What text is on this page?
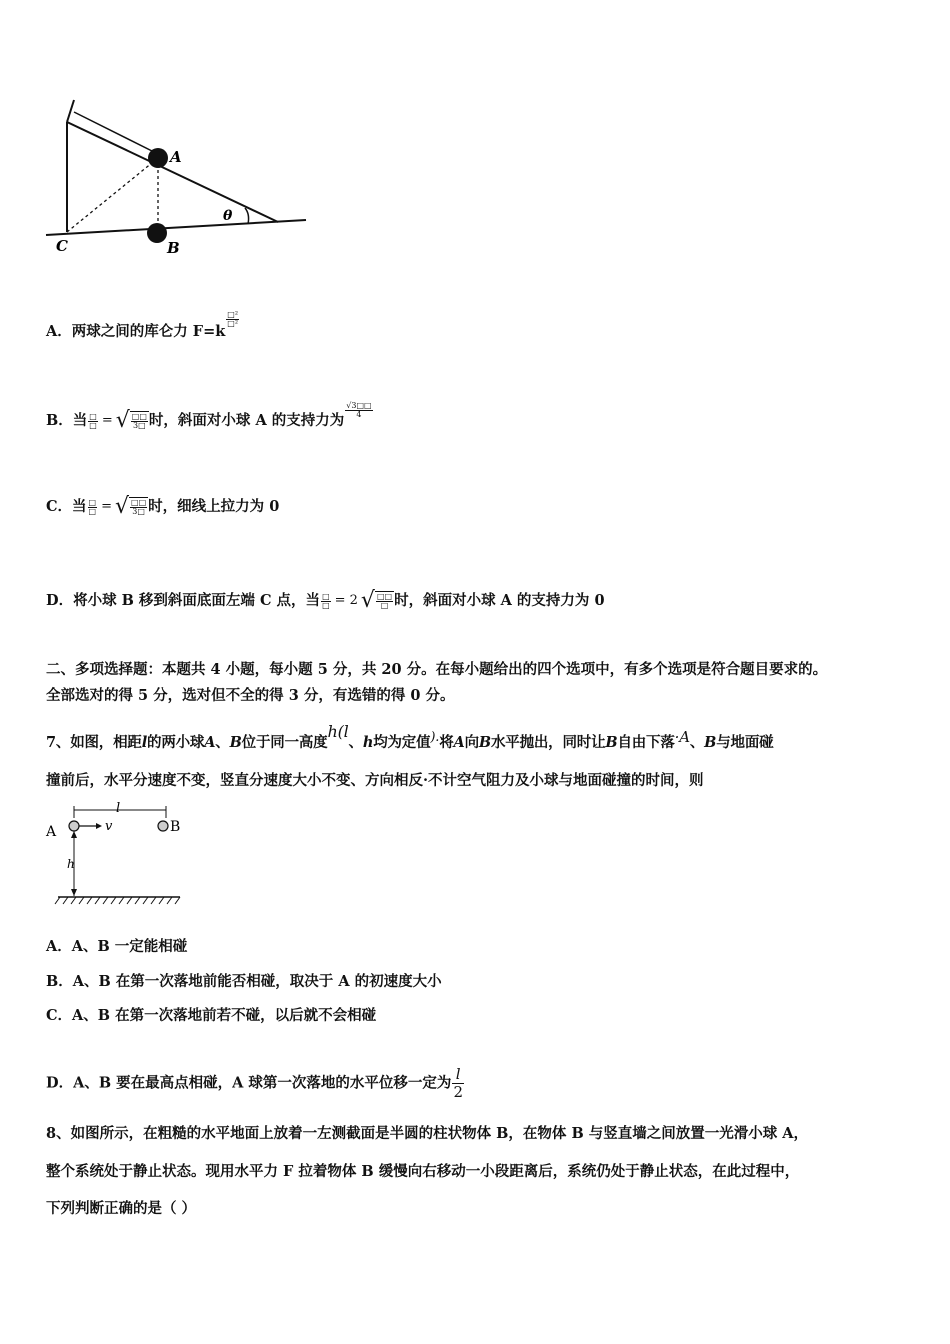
A
B
C
θ
A．两球之间的库仑力 F=k
$\frac{\text{□²}}{\text{□²}}$
B．当 $\frac{□}{□}$ = √ $\frac{□□}{3□}$ 时，斜面对小球 A 的支持力为
$\frac{√3□□}{4}$
C．当 $\frac{□}{□}$ = √ $\frac{□□}{3□}$ 时，细线上拉力为 0
D．将小球 B 移到斜面底面左端 C 点，当 $\frac{□}{□} = 2$ √ $\frac{□□}{□}$ 时，斜面对小球 A 的支持力为 0
二、多项选择题：本题共 4 小题，每小题 5 分，共 20 分。在每小题给出的四个选项中，有多个选项是符合题目要求的。
全部选对的得 5 分，选对但不全的得 3 分，有选错的得 0 分。
7、如图，相距l的两小球A、B位于同一高度h(l、h均为定值).将A向B水平抛出，同时让B自由下落·A、B与地面碰
撞前后，水平分速度不变，竖直分速度大小不变、方向相反·不计空气阻力及小球与地面碰撞的时间，则
l
A	v	B
h
A．A、B 一定能相碰
B．A、B 在第一次落地前能否相碰，取决于 A 的初速度大小
C．A、B 在第一次落地前若不碰，以后就不会相碰
D．A、B 要在最高点相碰，A 球第一次落地的水平位移一定为 $\frac{l}{2}$
8、如图所示，在粗糙的水平地面上放着一左测截面是半圆的柱状物体 B，在物体 B 与竖直墙之间放置一光滑小球 A，
整个系统处于静止状态。现用水平力 F 拉着物体 B 缓慢向右移动一小段距离后，系统仍处于静止状态，在此过程中，
下列判断正确的是（ ）
